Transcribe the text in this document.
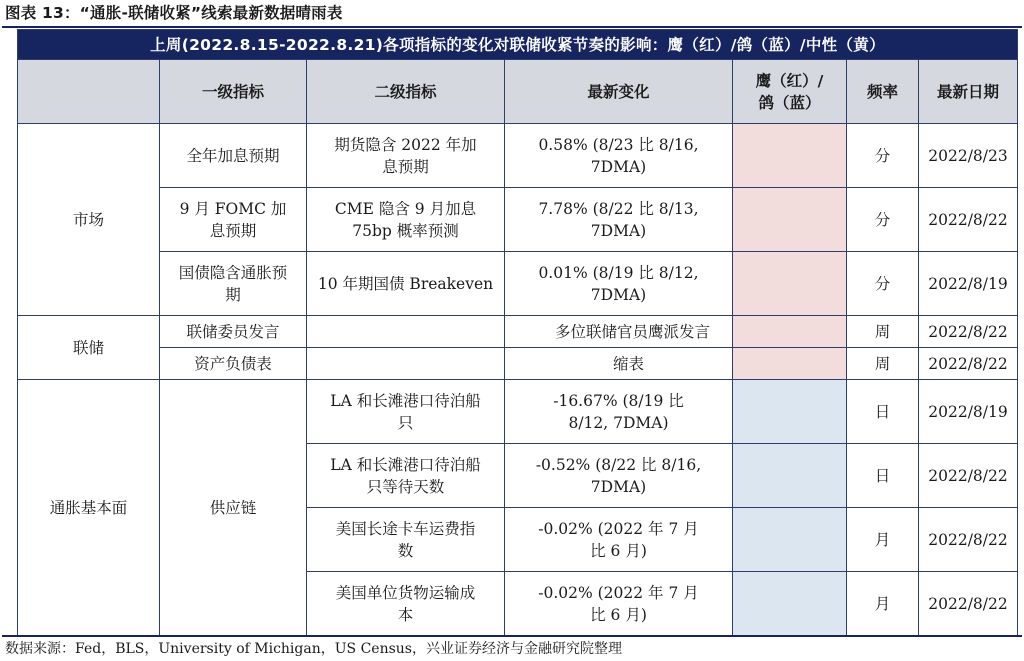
图表 13：“通胀-联储收紧”线索最新数据晴雨表
上周(2022.8.15-2022.8.21)各项指标的变化对联储收紧节奏的影响：鹰（红）/鸽（蓝）/中性（黄）						
	一级指标	二级指标	最新变化	鹰（红）/ 鸽（蓝）	频率	最新日期
市场	全年加息预期	期货隐含 2022 年加息预期	0.58% (8/23 比 8/16, 7DMA)		分	2022/8/23
	9 月 FOMC 加息预期	CME 隐含 9 月加息 75bp 概率预测	7.78% (8/22 比 8/13, 7DMA)		分	2022/8/22
	国债隐含通胀预期	10 年期国债 Breakeven	0.01% (8/19 比 8/12, 7DMA)		分	2022/8/19
联储	联储委员发言		多位联储官员鹰派发言		周	2022/8/22
	资产负债表		缩表		周	2022/8/22
通胀基本面	供应链	LA 和长滩港口待泊船只	-16.67% (8/19 比 8/12, 7DMA)		日	2022/8/19
		LA 和长滩港口待泊船只等待天数	-0.52% (8/22 比 8/16, 7DMA)		日	2022/8/22
		美国长途卡车运费指数	-0.02% (2022 年 7 月比 6 月)		月	2022/8/22
		美国单位货物运输成本	-0.02% (2022 年 7 月比 6 月)		月	2022/8/22
数据来源：Fed，BLS，University of Michigan，US Census，兴业证券经济与金融研究院整理
